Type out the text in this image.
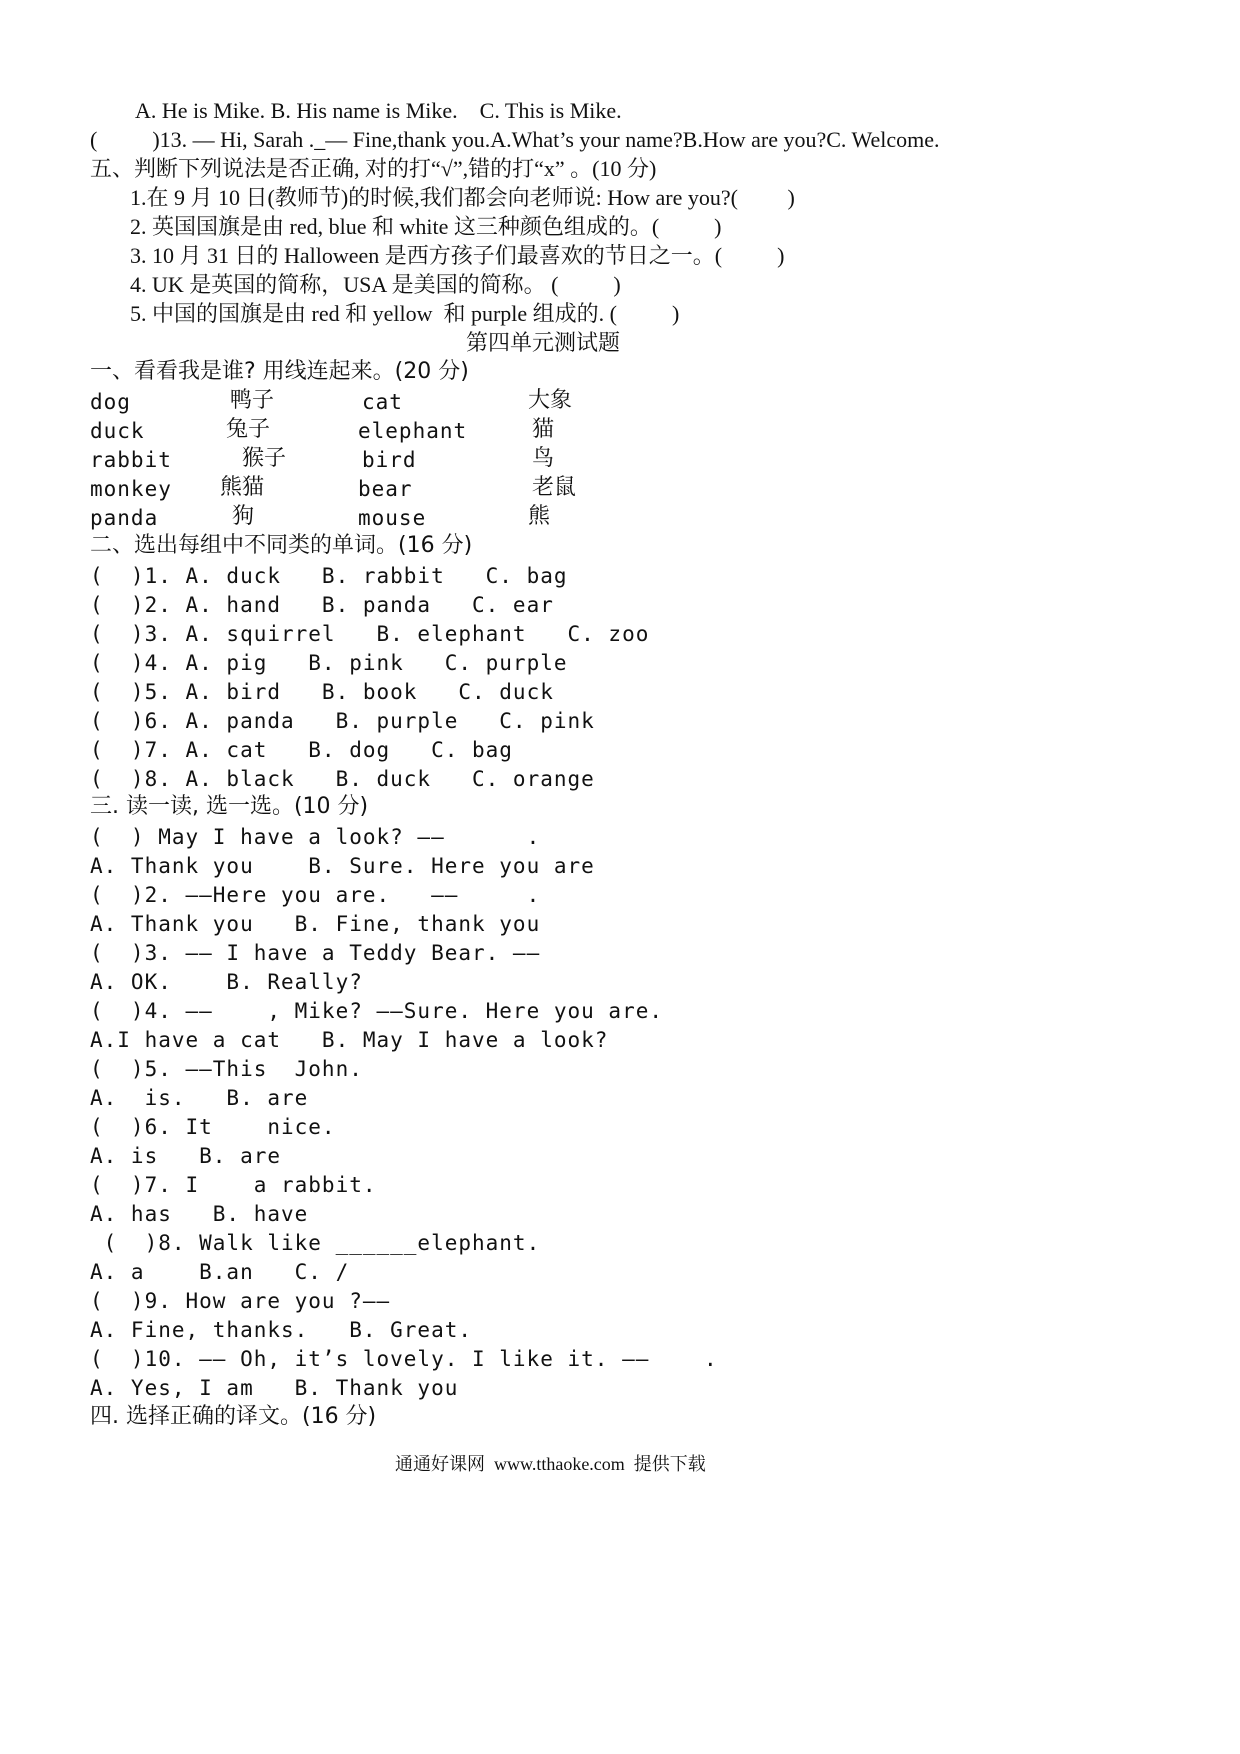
A. He is Mike. B. His name is Mike.    C. This is Mike.
(          )13. — Hi, Sarah ._— Fine,thank you.A.What’s your name?B.How are you?C. Welcome.
五、判断下列说法是否正确, 对的打“√”,错的打“x” 。(10 分)
1.在 9 月 10 日(教师节)的时候,我们都会向老师说: How are you?(         )
2. 英国国旗是由 red, blue 和 white 这三种颜色组成的。(          )
3. 10 月 31 日的 Halloween 是西方孩子们最喜欢的节日之一。(          )
4. UK 是英国的简称，USA 是美国的简称。 (          )
5. 中国的国旗是由 red 和 yellow  和 purple 组成的. (          )
第四单元测试题
一、看看我是谁? 用线连起来。(20 分)
dog	鸭子	cat	大象
duck	兔子	elephant	猫
rabbit	猴子	bird	鸟
monkey 熊猫	bear	老鼠
panda	狗	mouse	熊
二、选出每组中不同类的单词。(16 分)
(  )1. A. duck   B. rabbit   C. bag
(  )2. A. hand   B. panda   C. ear
(  )3. A. squirrel   B. elephant   C. zoo
(  )4. A. pig   B. pink   C. purple
(  )5. A. bird   B. book   C. duck
(  )6. A. panda   B. purple   C. pink
(  )7. A. cat   B. dog   C. bag
(  )8. A. black   B. duck   C. orange
三. 读一读, 选一选。(10 分)
(  ) May I have a look? ——      .
A. Thank you    B. Sure. Here you are
(  )2. ——Here you are.   ——     .
A. Thank you   B. Fine, thank you
(  )3. —— I have a Teddy Bear. ——
A. OK.    B. Really?
(  )4. ——    , Mike? ——Sure. Here you are.
A.I have a cat   B. May I have a look?
(  )5. ——This  John.
A.  is.   B. are
(  )6. It    nice.
A. is   B. are
(  )7. I    a rabbit.
A. has   B. have
(  )8. Walk like ______elephant.
A. a    B.an   C. /
(  )9. How are you ?——
A. Fine, thanks.   B. Great.
(  )10. —— Oh, it’s lovely. I like it. ——    .
A. Yes, I am   B. Thank you
四. 选择正确的译文。(16 分)
通通好课网  www.tthaoke.com  提供下载
